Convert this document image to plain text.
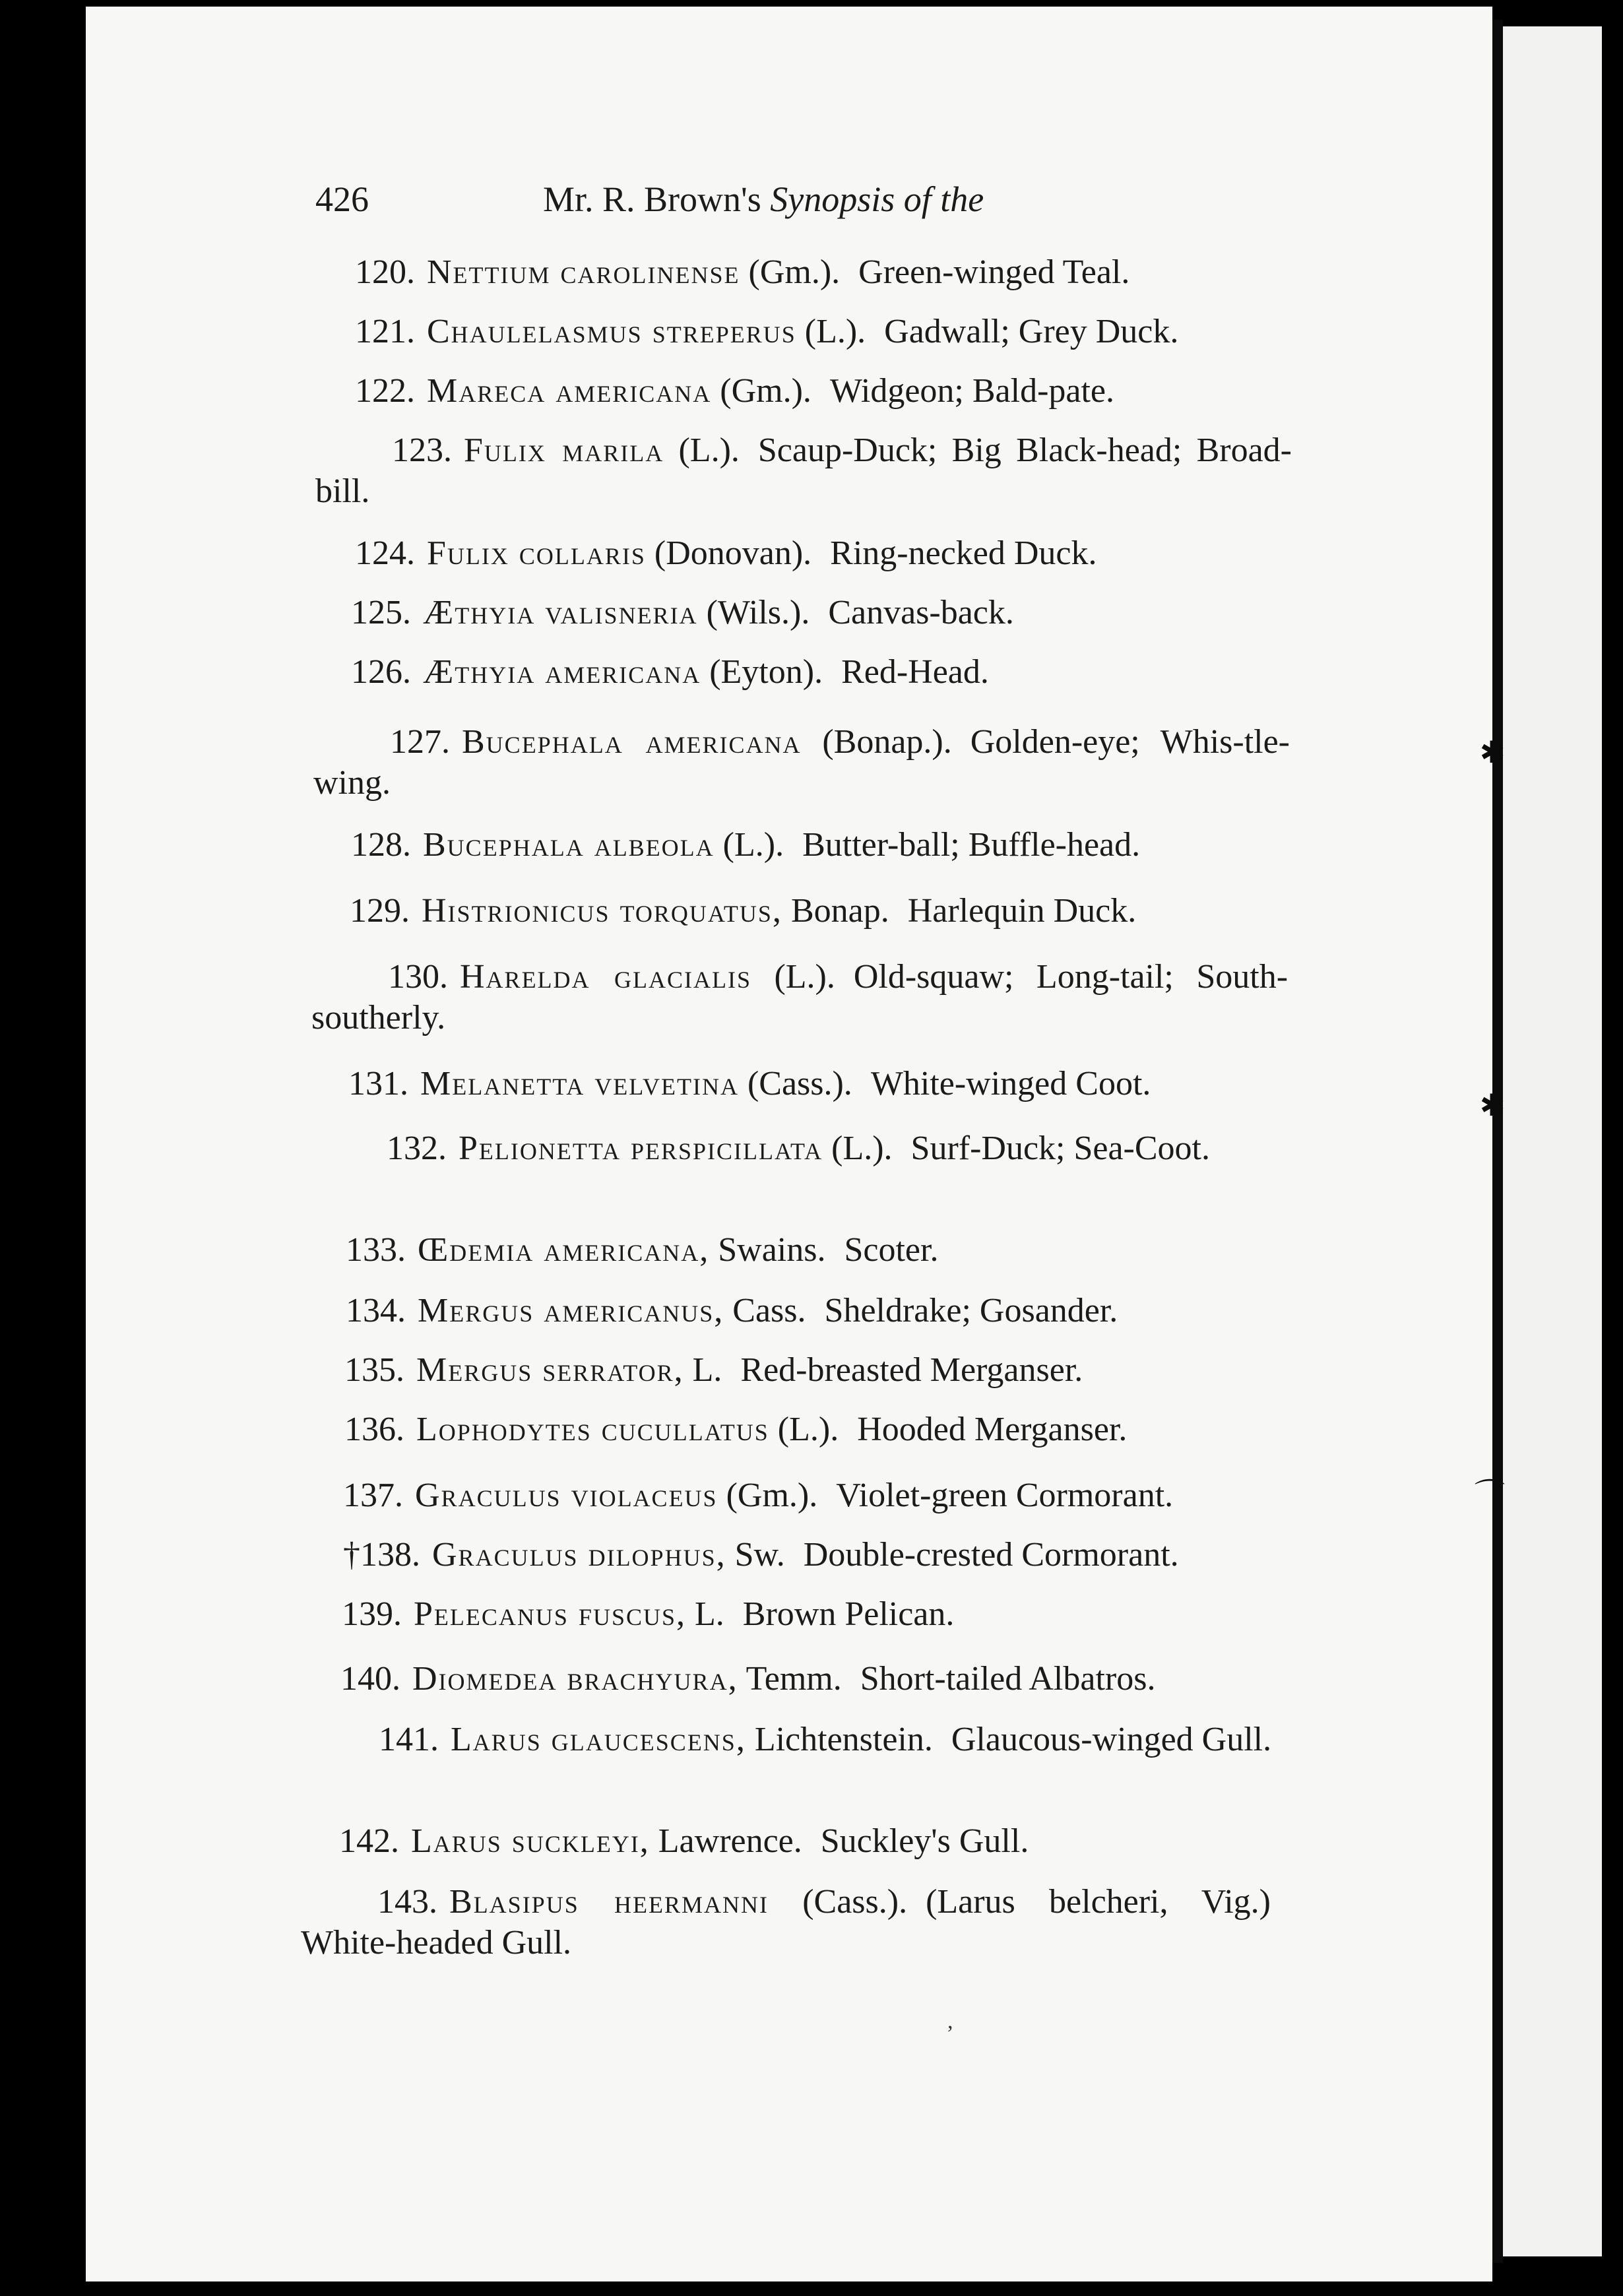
✱
✱
⌒
426	Mr. R. Brown's Synopsis of the
120. Nettium carolinense (Gm.). Green-winged Teal.
121. Chaulelasmus streperus (L.). Gadwall; Grey Duck.
122. Mareca americana (Gm.). Widgeon; Bald-pate.
123. Fulix marila (L.). Scaup-Duck; Big Black-head; Broad-bill.
124. Fulix collaris (Donovan). Ring-necked Duck.
125. Æthyia valisneria (Wils.). Canvas-back.
126. Æthyia americana (Eyton). Red-Head.
127. Bucephala americana (Bonap.). Golden-eye; Whis-tle-wing.
128. Bucephala albeola (L.). Butter-ball; Buffle-head.
129. Histrionicus torquatus, Bonap. Harlequin Duck.
130. Harelda glacialis (L.). Old-squaw; Long-tail; South-southerly.
131. Melanetta velvetina (Cass.). White-winged Coot.
132. Pelionetta perspicillata (L.). Surf-Duck; Sea-Coot.
133. Œdemia americana, Swains. Scoter.
134. Mergus americanus, Cass. Sheldrake; Gosander.
135. Mergus serrator, L. Red-breasted Merganser.
136. Lophodytes cucullatus (L.). Hooded Merganser.
137. Graculus violaceus (Gm.). Violet-green Cormorant.
†138. Graculus dilophus, Sw. Double-crested Cormorant.
139. Pelecanus fuscus, L. Brown Pelican.
140. Diomedea brachyura, Temm. Short-tailed Albatros.
141. Larus glaucescens, Lichtenstein. Glaucous-winged Gull.
142. Larus suckleyi, Lawrence. Suckley's Gull.
143. Blasipus heermanni (Cass.). (Larus belcheri, Vig.) White-headed Gull.
,
